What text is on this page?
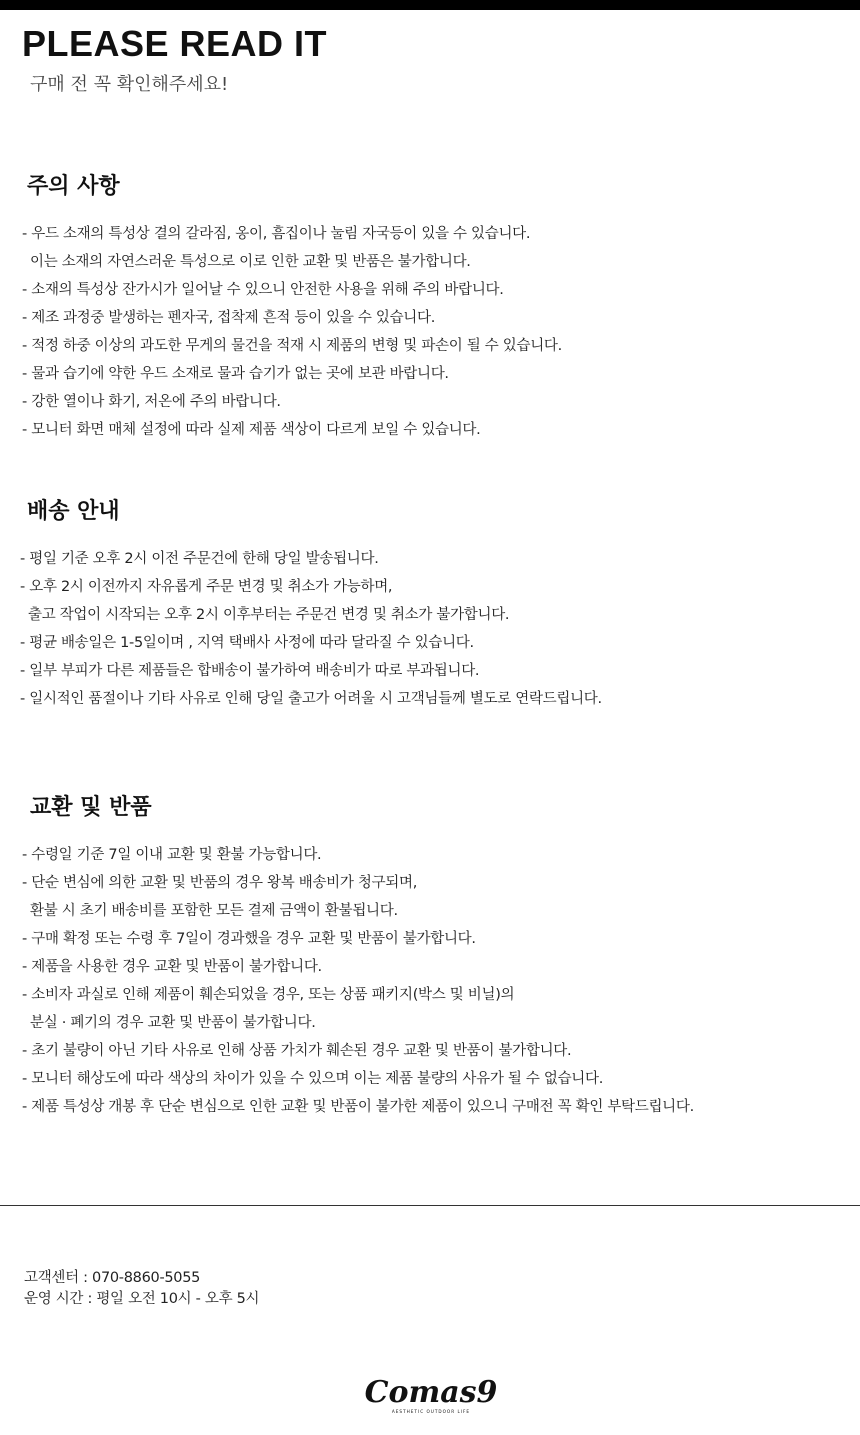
PLEASE READ IT
구매 전 꼭 확인해주세요!
주의 사항
- 우드 소재의 특성상 결의 갈라짐, 옹이, 흠집이나 눌림 자국등이 있을 수 있습니다.
이는 소재의 자연스러운 특성으로 이로 인한 교환 및 반품은 불가합니다.
- 소재의 특성상 잔가시가 일어날 수 있으니 안전한 사용을 위해 주의 바랍니다.
- 제조 과정중 발생하는 펜자국, 접착제 흔적 등이 있을 수 있습니다.
- 적정 하중 이상의 과도한 무게의 물건을 적재 시 제품의 변형 및 파손이 될 수 있습니다.
- 물과 습기에 약한 우드 소재로 물과 습기가 없는 곳에 보관 바랍니다.
- 강한 열이나 화기, 저온에 주의 바랍니다.
- 모니터 화면 매체 설정에 따라 실제 제품 색상이 다르게 보일 수 있습니다.
배송 안내
- 평일 기준 오후 2시 이전 주문건에 한해 당일 발송됩니다.
- 오후 2시 이전까지 자유롭게 주문 변경 및 취소가 가능하며,
출고 작업이 시작되는 오후 2시 이후부터는 주문건 변경 및 취소가 불가합니다.
- 평균 배송일은 1-5일이며 , 지역 택배사 사정에 따라 달라질 수 있습니다.
- 일부 부피가 다른 제품들은 합배송이 불가하여 배송비가 따로 부과됩니다.
- 일시적인 품절이나 기타 사유로 인해 당일 출고가 어려울 시 고객님들께 별도로 연락드립니다.
교환 및 반품
- 수령일 기준 7일 이내 교환 및 환불 가능합니다.
- 단순 변심에 의한 교환 및 반품의 경우 왕복 배송비가 청구되며,
환불 시 초기 배송비를 포함한 모든 결제 금액이 환불됩니다.
- 구매 확정 또는 수령 후 7일이 경과했을 경우 교환 및 반품이 불가합니다.
- 제품을 사용한 경우 교환 및 반품이 불가합니다.
- 소비자 과실로 인해 제품이 훼손되었을 경우, 또는 상품 패키지(박스 및 비닐)의
분실 · 폐기의 경우 교환 및 반품이 불가합니다.
- 초기 불량이 아닌 기타 사유로 인해 상품 가치가 훼손된 경우 교환 및 반품이 불가합니다.
- 모니터 해상도에 따라 색상의 차이가 있을 수 있으며 이는 제품 불량의 사유가 될 수 없습니다.
- 제품 특성상 개봉 후 단순 변심으로 인한 교환 및 반품이 불가한 제품이 있으니 구매전 꼭 확인 부탁드립니다.
고객센터 : 070-8860-5055
운영 시간 : 평일 오전 10시 - 오후 5시
Comas9
AESTHETIC OUTDOOR LIFE
